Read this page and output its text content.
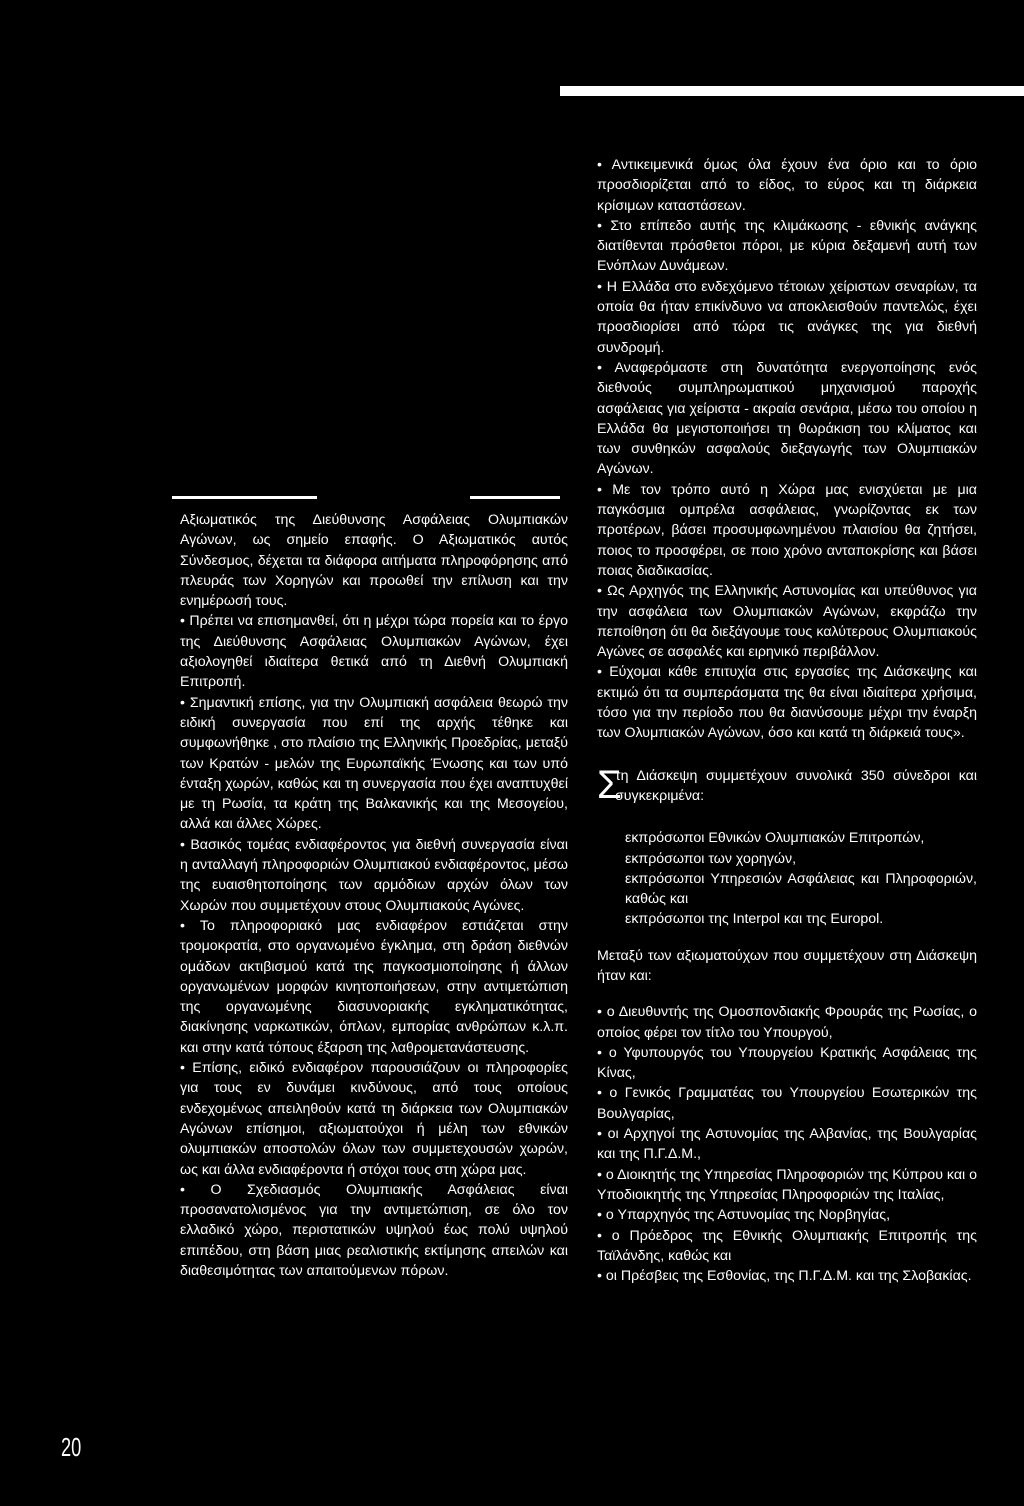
Αξιωματικός της Διεύθυνσης Ασφάλειας Ολυμπιακών Αγώνων, ως σημείο επαφής. Ο Αξιωματικός αυτός Σύνδεσμος, δέχεται τα διάφορα αιτήματα πληροφόρησης από πλευράς των Χορηγών και προωθεί την επίλυση και την ενημέρωσή τους.

• Πρέπει να επισημανθεί, ότι η μέχρι τώρα πορεία και το έργο της Διεύθυνσης Ασφάλειας Ολυμπιακών Αγώνων, έχει αξιολογηθεί ιδιαίτερα θετικά από τη Διεθνή Ολυμπιακή Επιτροπή.

• Σημαντική επίσης, για την Ολυμπιακή ασφάλεια θεωρώ την ειδική συνεργασία που επί της αρχής τέθηκε και συμφωνήθηκε , στο πλαίσιο της Ελληνικής Προεδρίας, μεταξύ των Κρατών - μελών της Ευρωπαϊκής Ένωσης και των υπό ένταξη χωρών, καθώς και τη συνεργασία που έχει αναπτυχθεί με τη Ρωσία, τα κράτη της Βαλκανικής και της Μεσογείου, αλλά και άλλες Χώρες.

• Βασικός τομέας ενδιαφέροντος για διεθνή συνεργασία είναι η ανταλλαγή πληροφοριών Ολυμπιακού ενδιαφέροντος, μέσω της ευαισθητοποίησης των αρμόδιων αρχών όλων των Χωρών που συμμετέχουν στους Ολυμπιακούς Αγώνες.

• Το πληροφοριακό μας ενδιαφέρον εστιάζεται στην τρομοκρατία, στο οργανωμένο έγκλημα, στη δράση διεθνών ομάδων ακτιβισμού κατά της παγκοσμιοποίησης ή άλλων οργανωμένων μορφών κινητοποιήσεων, στην αντιμετώπιση της οργανωμένης διασυνοριακής εγκληματικότητας, διακίνησης ναρκωτικών, όπλων, εμπορίας ανθρώπων κ.λ.π. και στην κατά τόπους έξαρση της λαθρομετανάστευσης.

• Επίσης, ειδικό ενδιαφέρον παρουσιάζουν οι πληροφορίες για τους εν δυνάμει κινδύνους, από τους οποίους ενδεχομένως απειληθούν κατά τη διάρκεια των Ολυμπιακών Αγώνων επίσημοι, αξιωματούχοι ή μέλη των εθνικών ολυμπιακών αποστολών όλων των συμμετεχουσών χωρών, ως και άλλα ενδιαφέροντα ή στόχοι τους στη χώρα μας.

• Ο Σχεδιασμός Ολυμπιακής Ασφάλειας είναι προσανατολισμένος για την αντιμετώπιση, σε όλο τον ελλαδικό χώρο, περιστατικών υψηλού έως πολύ υψηλού επιπέδου, στη βάση μιας ρεαλιστικής εκτίμησης απειλών και διαθεσιμότητας των απαιτούμενων πόρων.

• Αντικειμενικά όμως όλα έχουν ένα όριο και το όριο προσδιορίζεται από το είδος, το εύρος και τη διάρκεια κρίσιμων καταστάσεων.

• Στο επίπεδο αυτής της κλιμάκωσης - εθνικής ανάγκης διατίθενται πρόσθετοι πόροι, με κύρια δεξαμενή αυτή των Ενόπλων Δυνάμεων.

• Η Ελλάδα στο ενδεχόμενο τέτοιων χείριστων σεναρίων, τα οποία θα ήταν επικίνδυνο να αποκλεισθούν παντελώς, έχει προσδιορίσει από τώρα τις ανάγκες της για διεθνή συνδρομή.

• Αναφερόμαστε στη δυνατότητα ενεργοποίησης ενός διεθνούς συμπληρωματικού μηχανισμού παροχής ασφάλειας για χείριστα - ακραία σενάρια, μέσω του οποίου η Ελλάδα θα μεγιστοποιήσει τη θωράκιση του κλίματος και των συνθηκών ασφαλούς διεξαγωγής των Ολυμπιακών Αγώνων.

• Με τον τρόπο αυτό η Χώρα μας ενισχύεται με μια παγκόσμια ομπρέλα ασφάλειας, γνωρίζοντας εκ των προτέρων, βάσει προσυμφωνημένου πλαισίου θα ζητήσει, ποιος το προσφέρει, σε ποιο χρόνο ανταποκρίσης και βάσει ποιας διαδικασίας.

• Ως Αρχηγός της Ελληνικής Αστυνομίας και υπεύθυνος για την ασφάλεια των Ολυμπιακών Αγώνων, εκφράζω την πεποίθηση ότι θα διεξάγουμε τους καλύτερους Ολυμπιακούς Αγώνες σε ασφαλές και ειρηνικό περιβάλλον.

• Εύχομαι κάθε επιτυχία στις εργασίες της Διάσκεψης και εκτιμώ ότι τα συμπεράσματα της θα είναι ιδιαίτερα χρήσιμα, τόσο για την περίοδο που θα διανύσουμε μέχρι την έναρξη των Ολυμπιακών Αγώνων, όσο και κατά τη διάρκειά τους».

Σ

τη Διάσκεψη συμμετέχουν συνολικά 350 σύνεδροι και συγκεκριμένα:

εκπρόσωποι Εθνικών Ολυμπιακών Επιτροπών,

εκπρόσωποι των χορηγών,

εκπρόσωποι Υπηρεσιών Ασφάλειας και Πληροφοριών, καθώς και

εκπρόσωποι της Interpol και της Europol.

Μεταξύ των αξιωματούχων που συμμετέχουν στη Διάσκεψη ήταν και:

• ο Διευθυντής της Ομοσπονδιακής Φρουράς της Ρωσίας, ο οποίος φέρει τον τίτλο του Υπουργού,

• ο Υφυπουργός του Υπουργείου Κρατικής Ασφάλειας της Κίνας,

• ο Γενικός Γραμματέας του Υπουργείου Εσωτερικών της Βουλγαρίας,

• οι Αρχηγοί της Αστυνομίας της Αλβανίας, της Βουλγαρίας και της Π.Γ.Δ.Μ.,

• ο Διοικητής της Υπηρεσίας Πληροφοριών της Κύπρου και ο Υποδιοικητής της Υπηρεσίας Πληροφοριών της Ιταλίας,

• ο Υπαρχηγός της Αστυνομίας της Νορβηγίας,

• ο Πρόεδρος της Εθνικής Ολυμπιακής Επιτροπής της Ταϊλάνδης, καθώς και

• οι Πρέσβεις της Εσθονίας, της Π.Γ.Δ.Μ. και της Σλοβακίας.

20
